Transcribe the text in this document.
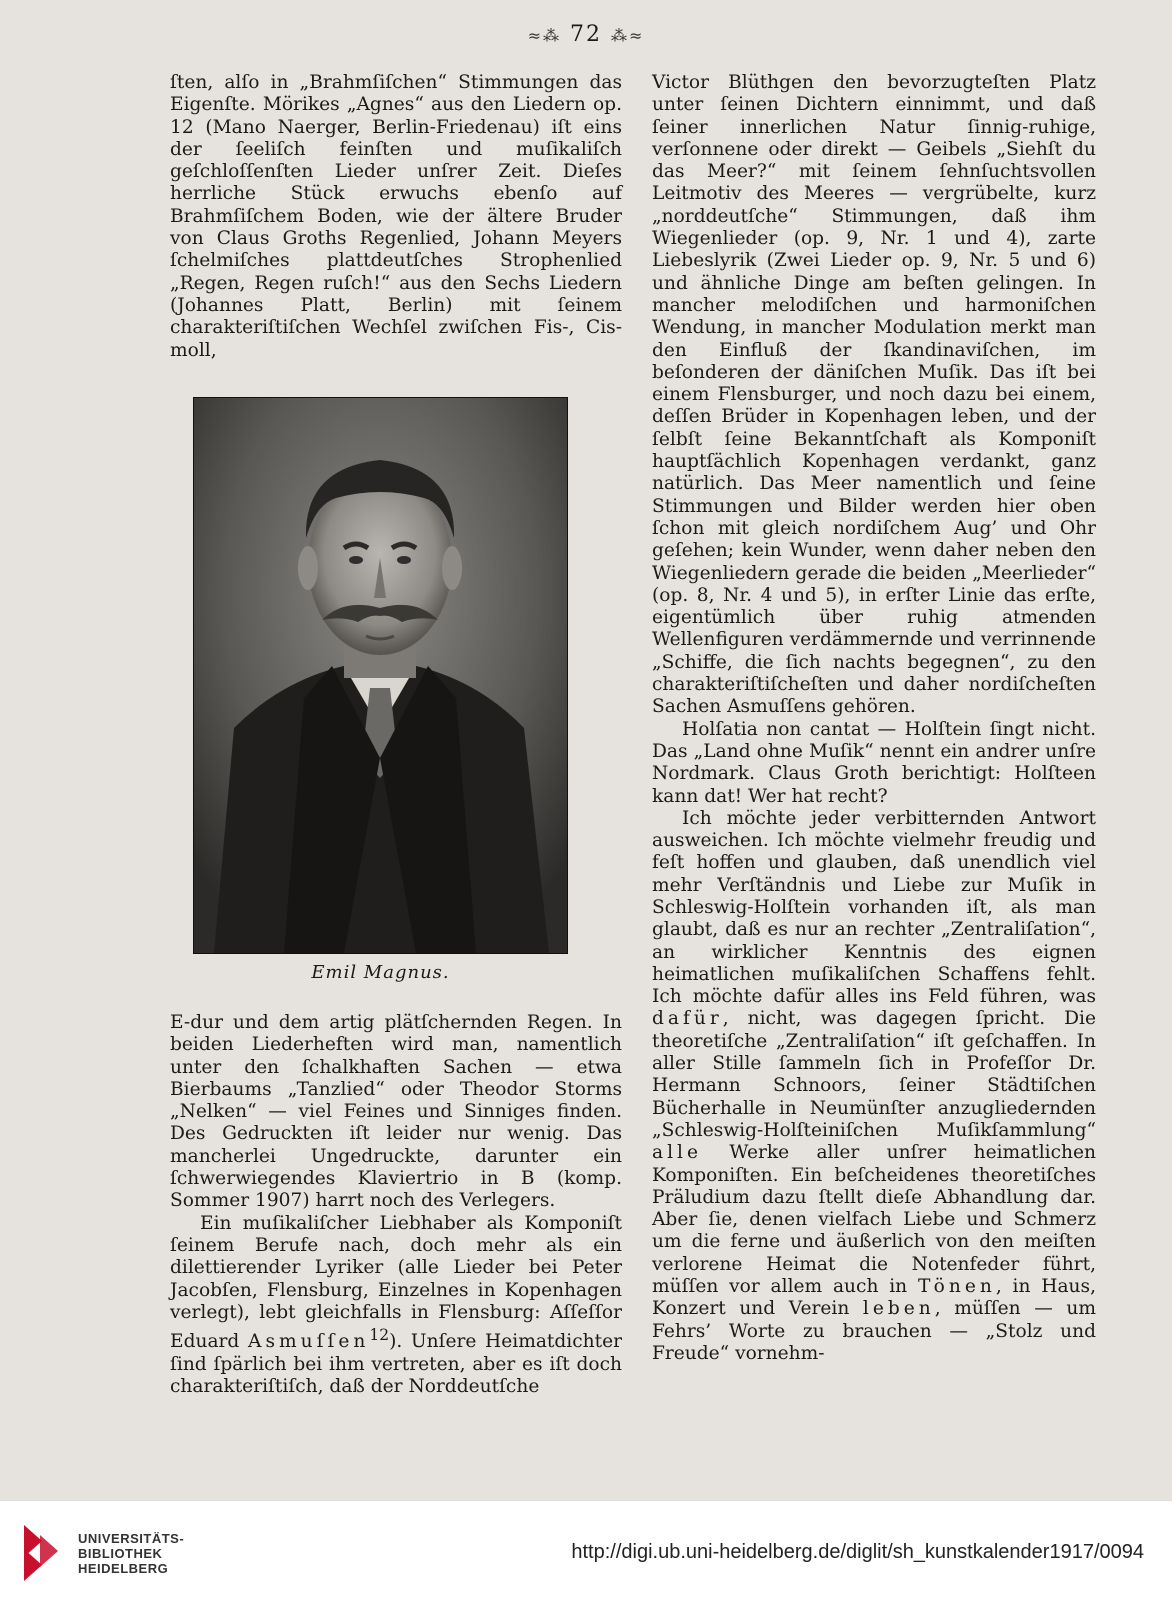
≈⁂ 72 ⁂≈

ſten, alſo in „Brahmſiſchen“ Stimmungen das Eigenſte. Mörikes „Agnes“ aus den Liedern op. 12 (Mano Naerger, Berlin-Friedenau) iſt eins der ſeeliſch feinſten und muſikaliſch geſchloſſenſten Lieder unſrer Zeit. Dieſes herrliche Stück erwuchs ebenſo auf Brahmſiſchem Boden, wie der ältere Bruder von Claus Groths Regenlied, Johann Meyers ſchelmiſches plattdeutſches Strophenlied „Regen, Regen ruſch!“ aus den Sechs Liedern (Johannes Platt, Berlin) mit ſeinem charakteriſtiſchen Wechſel zwiſchen Fis-, Cis-moll,

Emil Magnus.

E-dur und dem artig plätſchernden Regen. In beiden Liederheften wird man, namentlich unter den ſchalkhaften Sachen — etwa Bierbaums „Tanzlied“ oder Theodor Storms „Nelken“ — viel Feines und Sinniges finden. Des Gedruckten iſt leider nur wenig. Das mancherlei Ungedruckte, darunter ein ſchwerwiegendes Klaviertrio in B (komp. Sommer 1907) harrt noch des Verlegers.

Ein muſikaliſcher Liebhaber als Komponiſt ſeinem Berufe nach, doch mehr als ein dilettierender Lyriker (alle Lieder bei Peter Jacobſen, Flensburg, Einzelnes in Kopenhagen verlegt), lebt gleichfalls in Flensburg: Aſſeſſor Eduard Asmuſſen$^{12}$). Unſere Heimatdichter ſind ſpärlich bei ihm vertreten, aber es iſt doch charakteriſtiſch, daß der Norddeutſche

Victor Blüthgen den bevorzugteſten Platz unter ſeinen Dichtern einnimmt, und daß ſeiner innerlichen Natur ſinnig-ruhige, verſonnene oder direkt — Geibels „Siehſt du das Meer?“ mit ſeinem ſehnſuchtsvollen Leitmotiv des Meeres — vergrübelte, kurz „norddeutſche“ Stimmungen, daß ihm Wiegenlieder (op. 9, Nr. 1 und 4), zarte Liebeslyrik (Zwei Lieder op. 9, Nr. 5 und 6) und ähnliche Dinge am beſten gelingen. In mancher melodiſchen und harmoniſchen Wendung, in mancher Modulation merkt man den Einfluß der ſkandinaviſchen, im beſonderen der däniſchen Muſik. Das iſt bei einem Flensburger, und noch dazu bei einem, deſſen Brüder in Kopenhagen leben, und der ſelbſt ſeine Bekanntſchaft als Komponiſt hauptſächlich Kopenhagen verdankt, ganz natürlich. Das Meer namentlich und ſeine Stimmungen und Bilder werden hier oben ſchon mit gleich nordiſchem Aug’ und Ohr geſehen; kein Wunder, wenn daher neben den Wiegenliedern gerade die beiden „Meerlieder“ (op. 8, Nr. 4 und 5), in erſter Linie das erſte, eigentümlich über ruhig atmenden Wellenfiguren verdämmernde und verrinnende „Schiffe, die ſich nachts begegnen“, zu den charakteriſtiſcheſten und daher nordiſcheſten Sachen Asmuſſens gehören.

Holſatia non cantat — Holſtein ſingt nicht. Das „Land ohne Muſik“ nennt ein andrer unſre Nordmark. Claus Groth berichtigt: Holſteen kann dat! Wer hat recht?

Ich möchte jeder verbitternden Antwort ausweichen. Ich möchte vielmehr freudig und feſt hoffen und glauben, daß unendlich viel mehr Verſtändnis und Liebe zur Muſik in Schleswig-Holſtein vorhanden iſt, als man glaubt, daß es nur an rechter „Zentraliſation“, an wirklicher Kenntnis des eignen heimatlichen muſikaliſchen Schaffens fehlt. Ich möchte dafür alles ins Feld führen, was dafür, nicht, was dagegen ſpricht. Die theoretiſche „Zentraliſation“ iſt geſchaffen. In aller Stille ſammeln ſich in Profeſſor Dr. Hermann Schnoors, ſeiner Städtiſchen Bücherhalle in Neumünſter anzugliedernden „Schleswig-Holſteiniſchen Muſikſammlung“ alle Werke aller unſrer heimatlichen Komponiſten. Ein beſcheidenes theoretiſches Präludium dazu ſtellt dieſe Abhandlung dar. Aber ſie, denen vielfach Liebe und Schmerz um die ferne und äußerlich von den meiſten verlorene Heimat die Notenfeder führt, müſſen vor allem auch in Tönen, in Haus, Konzert und Verein leben, müſſen — um Fehrs’ Worte zu brauchen — „Stolz und Freude“ vornehm-

UNIVERSITÄTS-
BIBLIOTHEK
HEIDELBERG
http://digi.ub.uni-heidelberg.de/diglit/sh_kunstkalender1917/0094
